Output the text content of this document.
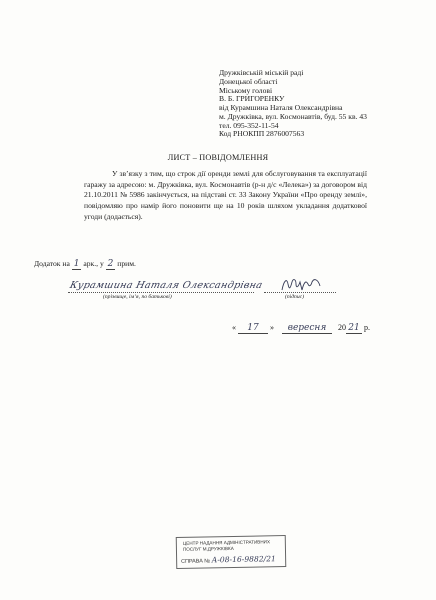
Дружківській міській раді
Донецької області
Міському голові
В. Б. ГРИГОРЕНКУ
від Курамшина Наталя Олександрівна
м. Дружківка, вул. Космонавтів, буд. 55 кв. 43
тел. 095-352-11-54
Код РНОКПП 2876007563
ЛИСТ – ПОВІДОМЛЕННЯ
У зв’язку з тим, що строк дії оренди землі для обслуговування та експлуатації гаражу за адресою: м. Дружківка, вул. Космонавтів (р-н д/с «Лелека») за договором від 21.10.2011 № 5986 закінчується, на підставі ст. 33 Закону України «Про оренду землі», повідомляю про намір його поновити ще на 10 років шляхом укладання додаткової угоди (додається).
Додаток на 1 арк., у 2 прим.
Курамшина Наталя Олександрівна
(прізвище, ім’я, по батькові)	(підпис)
« 17 » вересня 20 21 р.
ЦЕНТР НАДАННЯ АДМІНІСТРАТИВНИХ
ПОСЛУГ М.ДРУЖКІВКА
СПРАВА № А-08-16-9882/21
